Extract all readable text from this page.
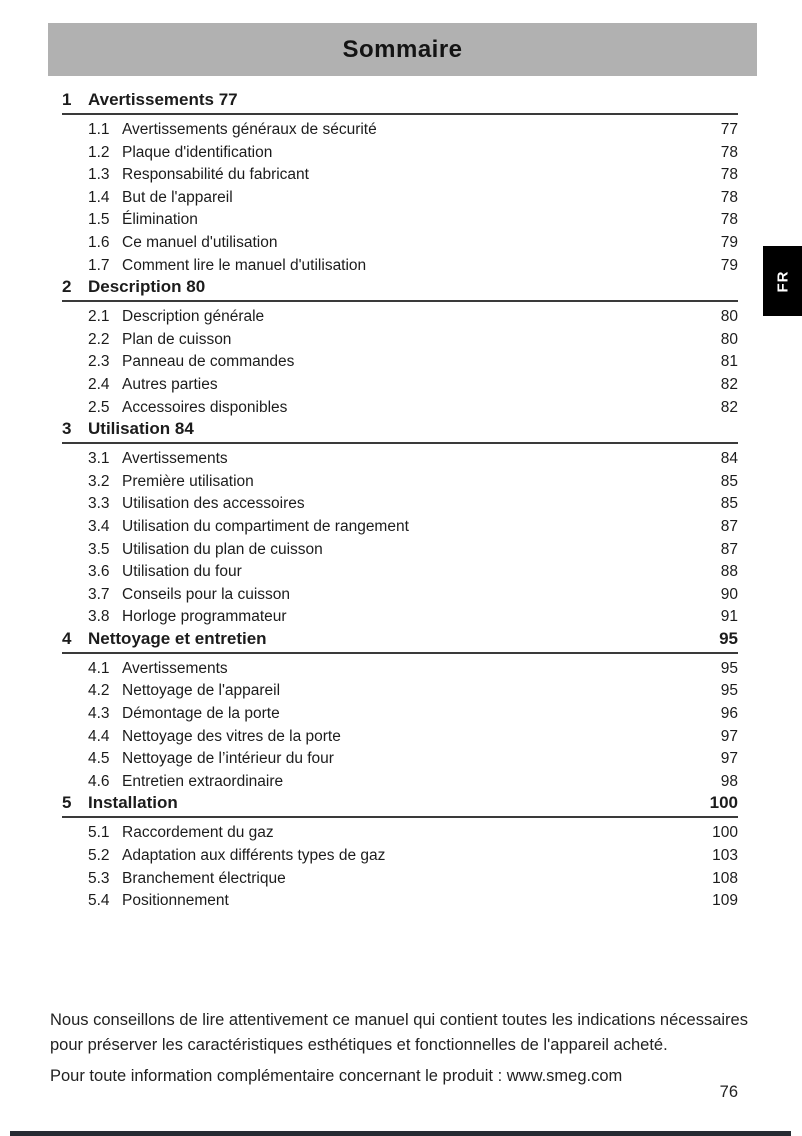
Sommaire
FR
1 Avertissements 77
1.1 Avertissements généraux de sécurité	77
1.2 Plaque d'identification	78
1.3 Responsabilité du fabricant	78
1.4 But de l'appareil	78
1.5 Élimination	78
1.6 Ce manuel d'utilisation	79
1.7 Comment lire le manuel d'utilisation	79
2 Description 80
2.1 Description générale	80
2.2 Plan de cuisson	80
2.3 Panneau de commandes	81
2.4 Autres parties	82
2.5 Accessoires disponibles	82
3 Utilisation 84
3.1 Avertissements	84
3.2 Première utilisation	85
3.3 Utilisation des accessoires	85
3.4 Utilisation du compartiment de rangement	87
3.5 Utilisation du plan de cuisson	87
3.6 Utilisation du four	88
3.7 Conseils pour la cuisson	90
3.8 Horloge programmateur	91
4 Nettoyage et entretien	95
4.1 Avertissements	95
4.2 Nettoyage de l'appareil	95
4.3 Démontage de la porte	96
4.4 Nettoyage des vitres de la porte	97
4.5 Nettoyage de l’intérieur du four	97
4.6 Entretien extraordinaire	98
5 Installation	100
5.1 Raccordement du gaz	100
5.2 Adaptation aux différents types de gaz	103
5.3 Branchement électrique	108
5.4 Positionnement	109
Nous conseillons de lire attentivement ce manuel qui contient toutes les indications nécessaires pour préserver les caractéristiques esthétiques et fonctionnelles de l'appareil acheté.
Pour toute information complémentaire concernant le produit : www.smeg.com
76
